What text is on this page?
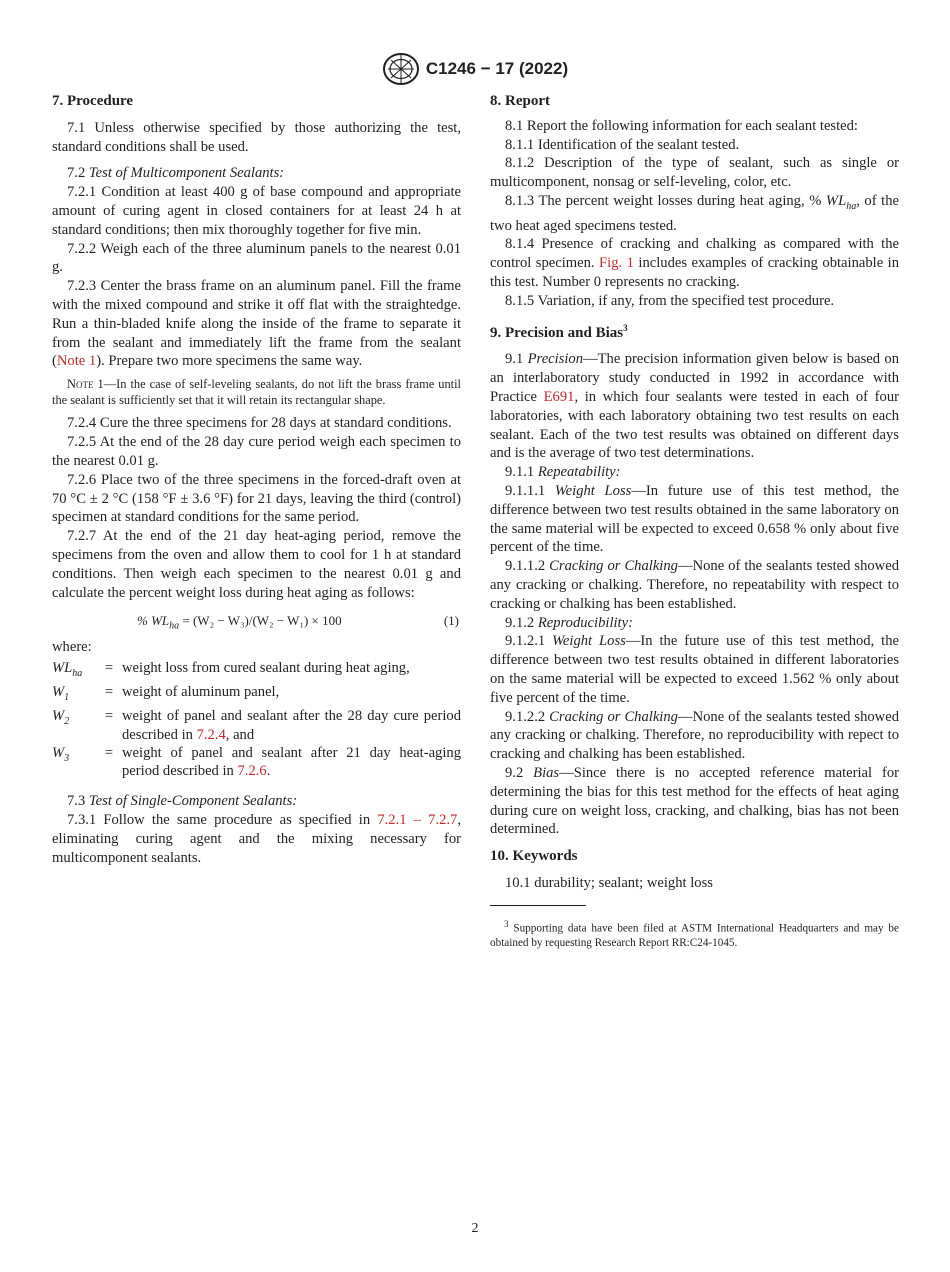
C1246 − 17 (2022)
7. Procedure

7.1 Unless otherwise specified by those authorizing the test, standard conditions shall be used.

7.2 Test of Multicomponent Sealants:

7.2.1 Condition at least 400 g of base compound and appropriate amount of curing agent in closed containers for at least 24 h at standard conditions; then mix thoroughly together for five min.

7.2.2 Weigh each of the three aluminum panels to the nearest 0.01 g.

7.2.3 Center the brass frame on an aluminum panel. Fill the frame with the mixed compound and strike it off flat with the straightedge. Run a thin-bladed knife along the inside of the frame to separate it from the sealant and immediately lift the frame from the sealant (Note 1). Prepare two more specimens the same way.

Note 1—In the case of self-leveling sealants, do not lift the brass frame until the sealant is sufficiently set that it will retain its rectangular shape.

7.2.4 Cure the three specimens for 28 days at standard conditions.

7.2.5 At the end of the 28 day cure period weigh each specimen to the nearest 0.01 g.

7.2.6 Place two of the three specimens in the forced-draft oven at 70 °C ± 2 °C (158 °F ± 3.6 °F) for 21 days, leaving the third (control) specimen at standard conditions for the same period.

7.2.7 At the end of the 21 day heat-aging period, remove the specimens from the oven and allow them to cool for 1 h at standard conditions. Then weigh each specimen to the nearest 0.01 g and calculate the percent weight loss during heat aging as follows:

% $WL_{ha} = (W_2 - W_3)/(W_2 - W_1) \times 100$	(1)

where:

$WL_{ha}$	=	weight loss from cured sealant during heat aging,
$W_1$	=	weight of aluminum panel,
$W_2$	=	weight of panel and sealant after the 28 day cure period described in 7.2.4, and
$W_3$	=	weight of panel and sealant after 21 day heat-aging period described in 7.2.6.

7.3 Test of Single-Component Sealants:

7.3.1 Follow the same procedure as specified in 7.2.1 – 7.2.7, eliminating curing agent and the mixing necessary for multicomponent sealants.

8. Report

8.1 Report the following information for each sealant tested:

8.1.1 Identification of the sealant tested.

8.1.2 Description of the type of sealant, such as single or multicomponent, nonsag or self-leveling, color, etc.

8.1.3 The percent weight losses during heat aging, % $WL_{ha}$, of the two heat aged specimens tested.

8.1.4 Presence of cracking and chalking as compared with the control specimen. Fig. 1 includes examples of cracking obtainable in this test. Number 0 represents no cracking.

8.1.5 Variation, if any, from the specified test procedure.

9. Precision and Bias$^3$

9.1 Precision—The precision information given below is based on an interlaboratory study conducted in 1992 in accordance with Practice E691, in which four sealants were tested in each of four laboratories, with each laboratory obtaining two test results on each sealant. Each of the two test results was obtained on different days and is the average of two test determinations.

9.1.1 Repeatability:

9.1.1.1 Weight Loss—In future use of this test method, the difference between two test results obtained in the same laboratory on the same material will be expected to exceed 0.658 % only about five percent of the time.

9.1.1.2 Cracking or Chalking—None of the sealants tested showed any cracking or chalking. Therefore, no repeatability with respect to cracking or chalking has been established.

9.1.2 Reproducibility:

9.1.2.1 Weight Loss—In the future use of this test method, the difference between two test results obtained in different laboratories on the same material will be expected to exceed 1.562 % only about five percent of the time.

9.1.2.2 Cracking or Chalking—None of the sealants tested showed any cracking or chalking. Therefore, no reproducibility with repect to cracking and chalking has been established.

9.2 Bias—Since there is no accepted reference material for determining the bias for this test method for the effects of heat aging during cure on weight loss, cracking, and chalking, bias has not been determined.

10. Keywords

10.1 durability; sealant; weight loss

$^3$ Supporting data have been filed at ASTM International Headquarters and may be obtained by requesting Research Report RR:C24-1045.

2
